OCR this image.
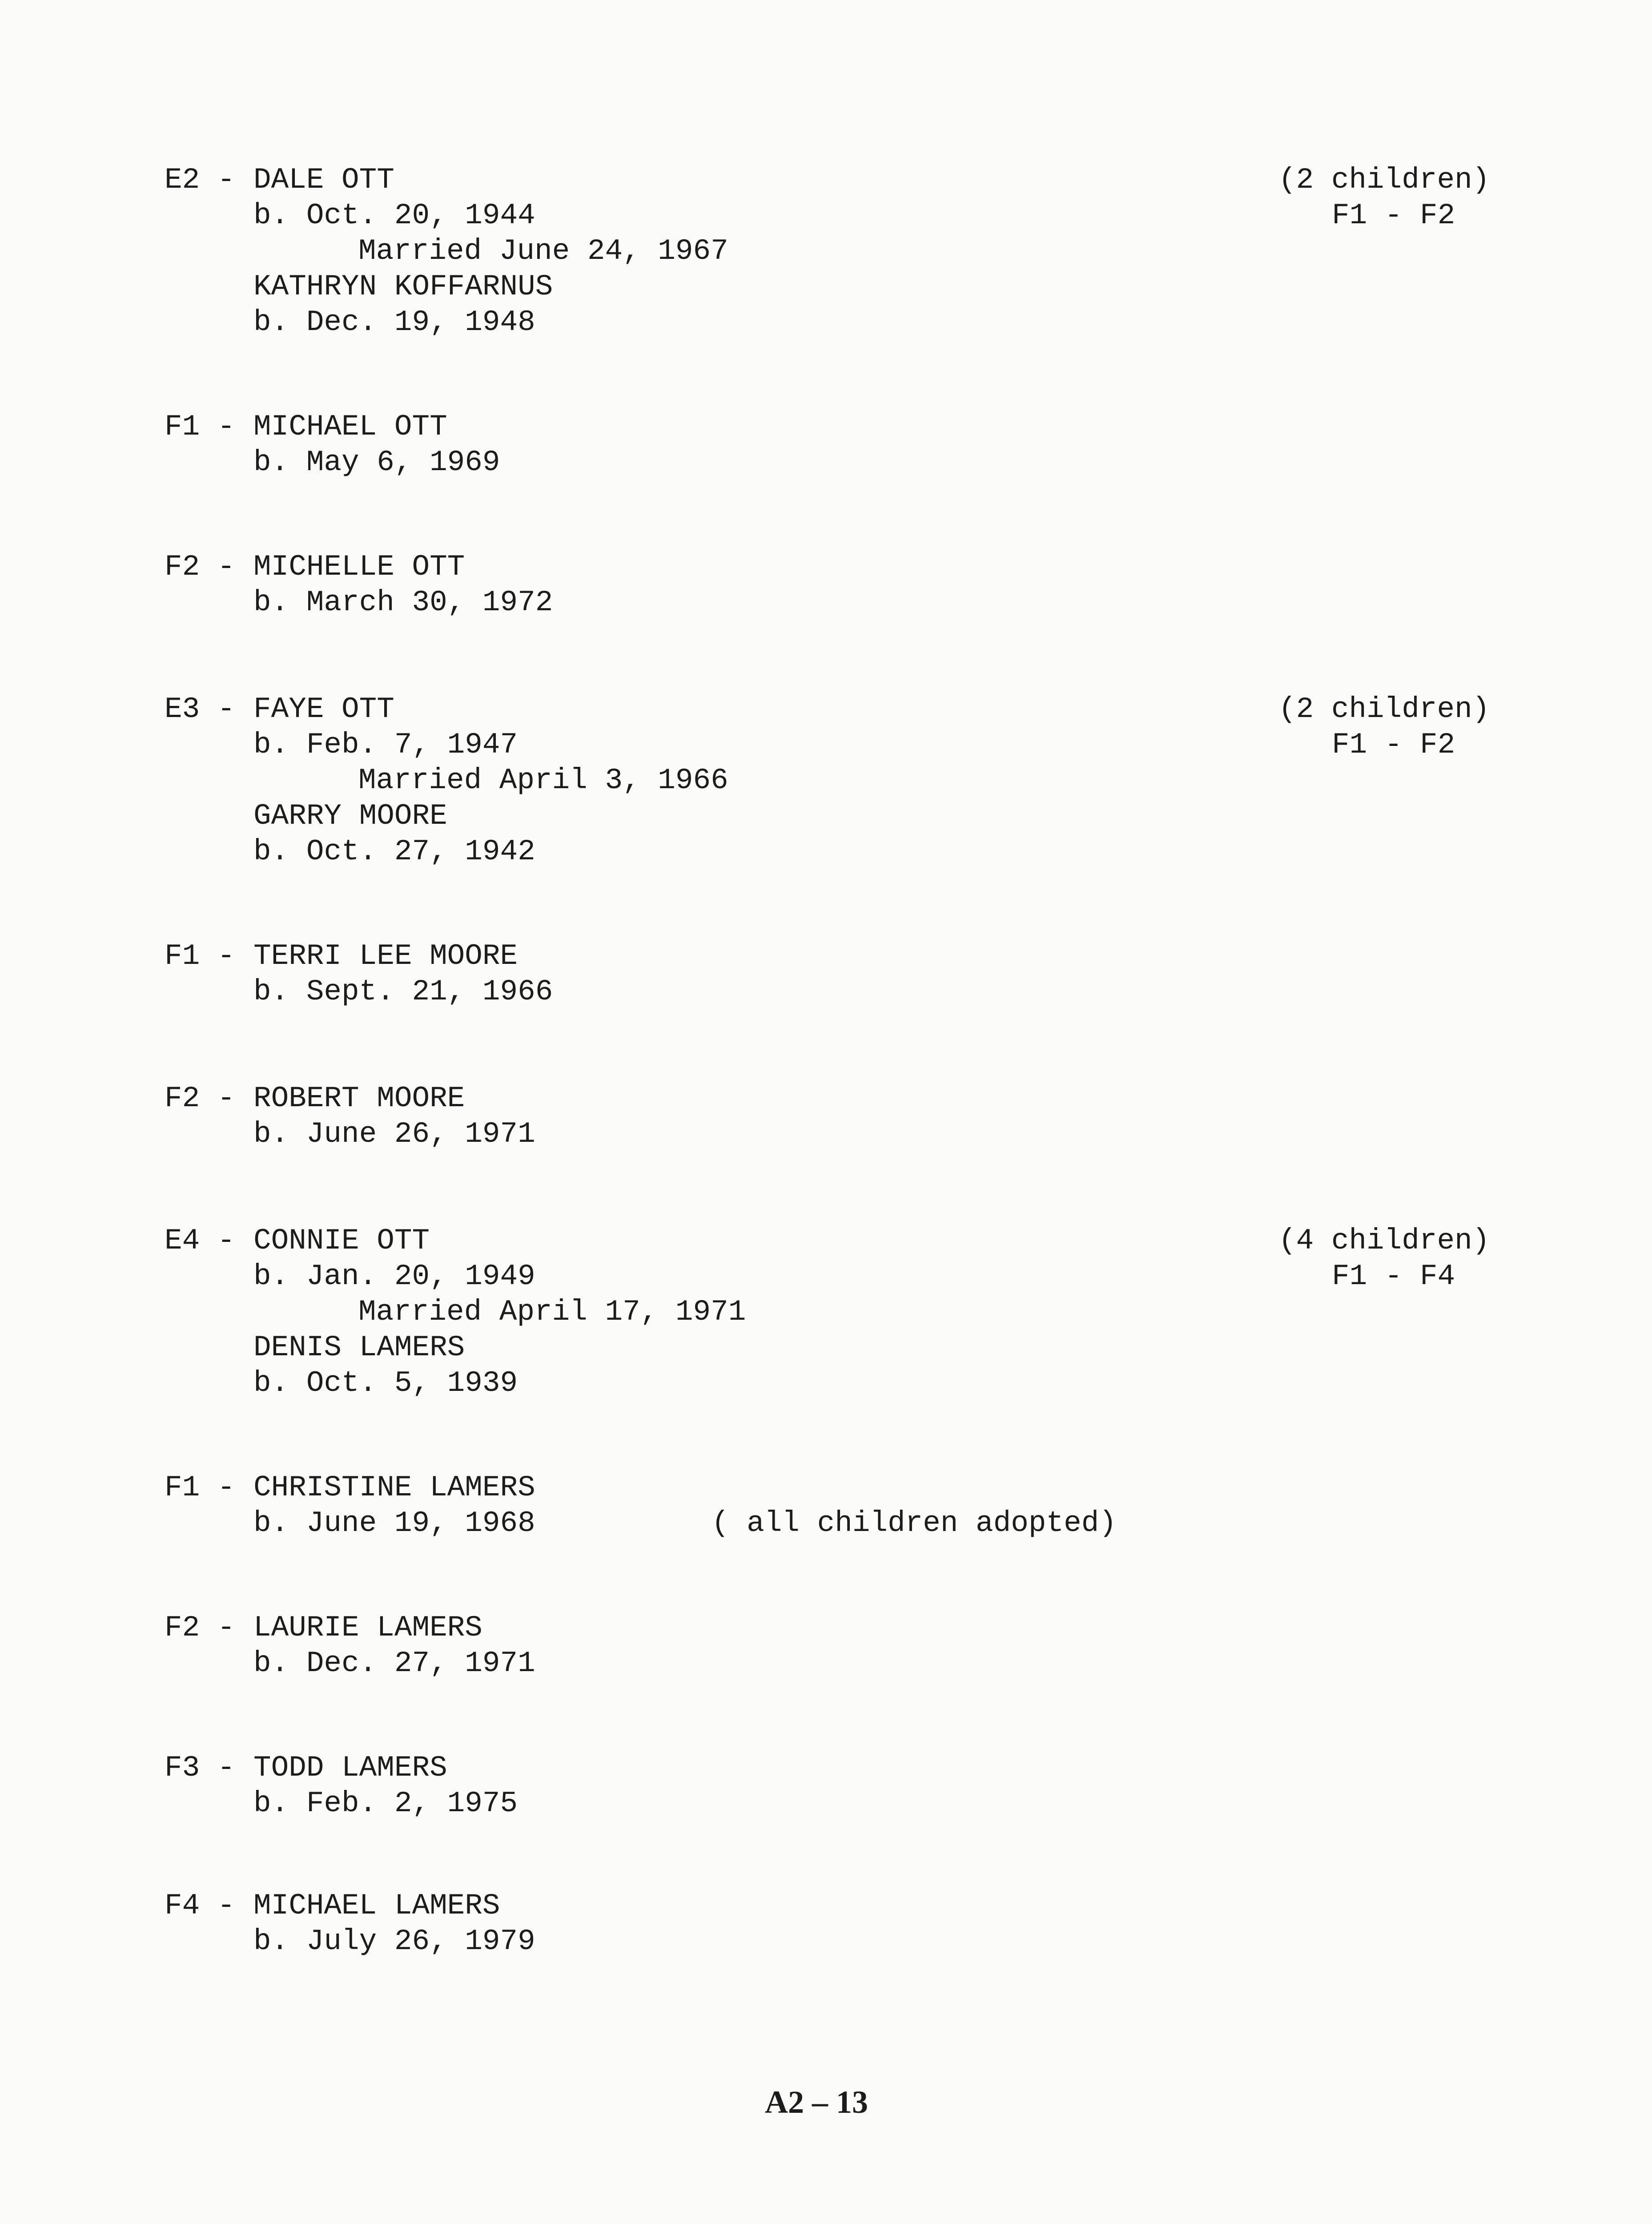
E2 - DALE OTT
b. Oct. 20, 1944
Married June 24, 1967
KATHRYN KOFFARNUS
b. Dec. 19, 1948
(2 children)
F1 - F2
F1 - MICHAEL OTT
b. May 6, 1969
F2 - MICHELLE OTT
b. March 30, 1972
E3 - FAYE OTT
b. Feb. 7, 1947
Married April 3, 1966
GARRY MOORE
b. Oct. 27, 1942
(2 children)
F1 - F2
F1 - TERRI LEE MOORE
b. Sept. 21, 1966
F2 - ROBERT MOORE
b. June 26, 1971
E4 - CONNIE OTT
b. Jan. 20, 1949
Married April 17, 1971
DENIS LAMERS
b. Oct. 5, 1939
(4 children)
F1 - F4
F1 - CHRISTINE LAMERS
b. June 19, 1968	( all children adopted)
F2 - LAURIE LAMERS
b. Dec. 27, 1971
F3 - TODD LAMERS
b. Feb. 2, 1975
F4 - MICHAEL LAMERS
b. July 26, 1979
A2 – 13
